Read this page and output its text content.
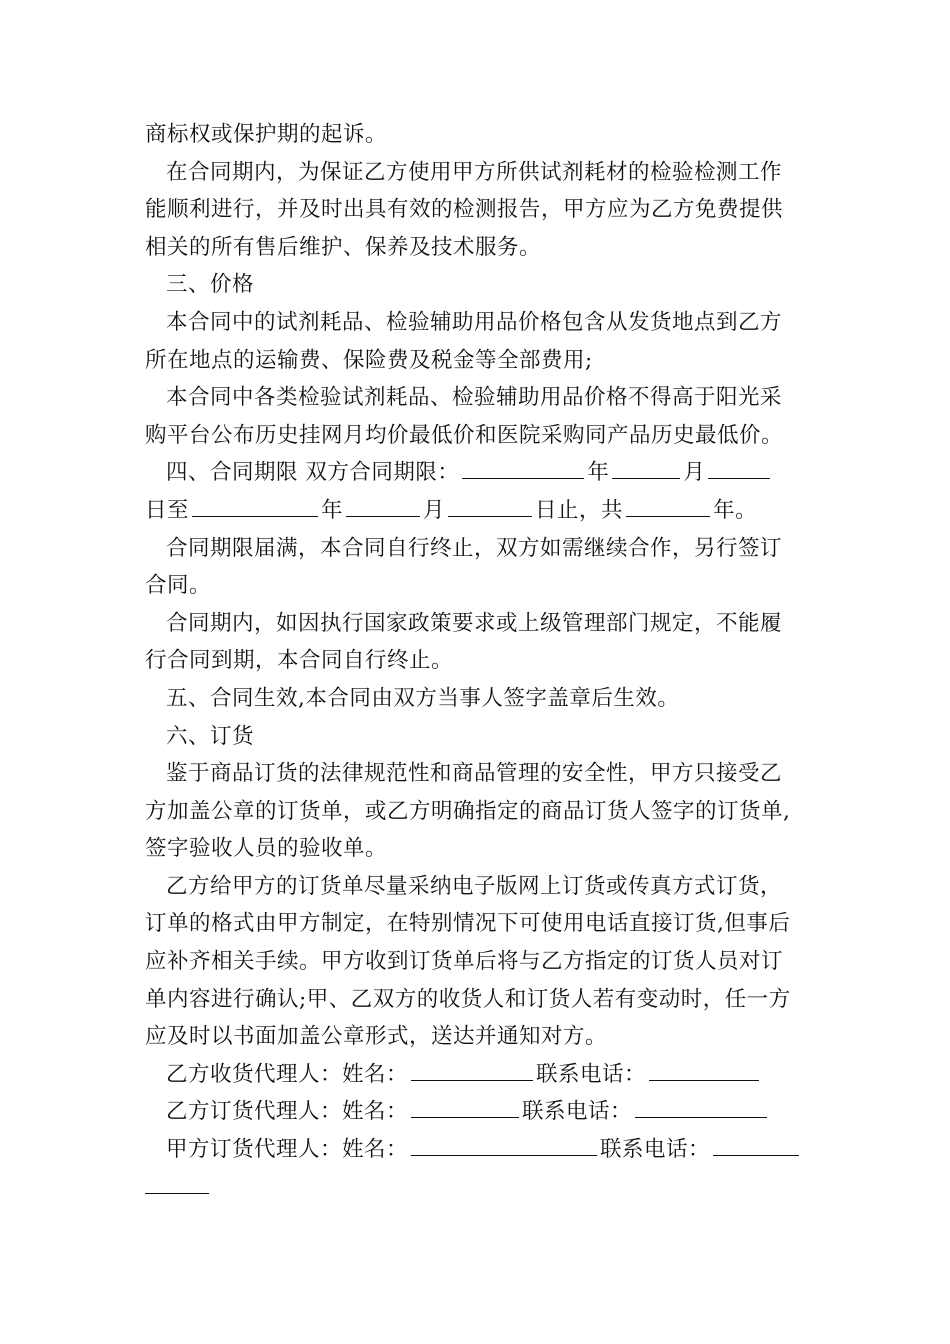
商标权或保护期的起诉。
在合同期内，为保证乙方使用甲方所供试剂耗材的检验检测工作
能顺利进行，并及时出具有效的检测报告，甲方应为乙方免费提供
相关的所有售后维护、保养及技术服务。
三、价格
本合同中的试剂耗品、检验辅助用品价格包含从发货地点到乙方
所在地点的运输费、保险费及税金等全部费用;
本合同中各类检验试剂耗品、检验辅助用品价格不得高于阳光采
购平台公布历史挂网月均价最低价和医院采购同产品历史最低价。
四、合同期限 双方合同期限：	年	月
日至	年	月	日止，共	年。
合同期限届满，本合同自行终止，双方如需继续合作，另行签订
合同。
合同期内，如因执行国家政策要求或上级管理部门规定，不能履
行合同到期，本合同自行终止。
五、合同生效,本合同由双方当事人签字盖章后生效。
六、订货
鉴于商品订货的法律规范性和商品管理的安全性，甲方只接受乙
方加盖公章的订货单，或乙方明确指定的商品订货人签字的订货单,
签字验收人员的验收单。
乙方给甲方的订货单尽量采纳电子版网上订货或传真方式订货，
订单的格式由甲方制定，在特别情况下可使用电话直接订货,但事后
应补齐相关手续。甲方收到订货单后将与乙方指定的订货人员对订
单内容进行确认;甲、乙双方的收货人和订货人若有变动时，任一方
应及时以书面加盖公章形式，送达并通知对方。
乙方收货代理人：姓名：	联系电话：
乙方订货代理人：姓名：	联系电话：
甲方订货代理人：姓名：	联系电话：
